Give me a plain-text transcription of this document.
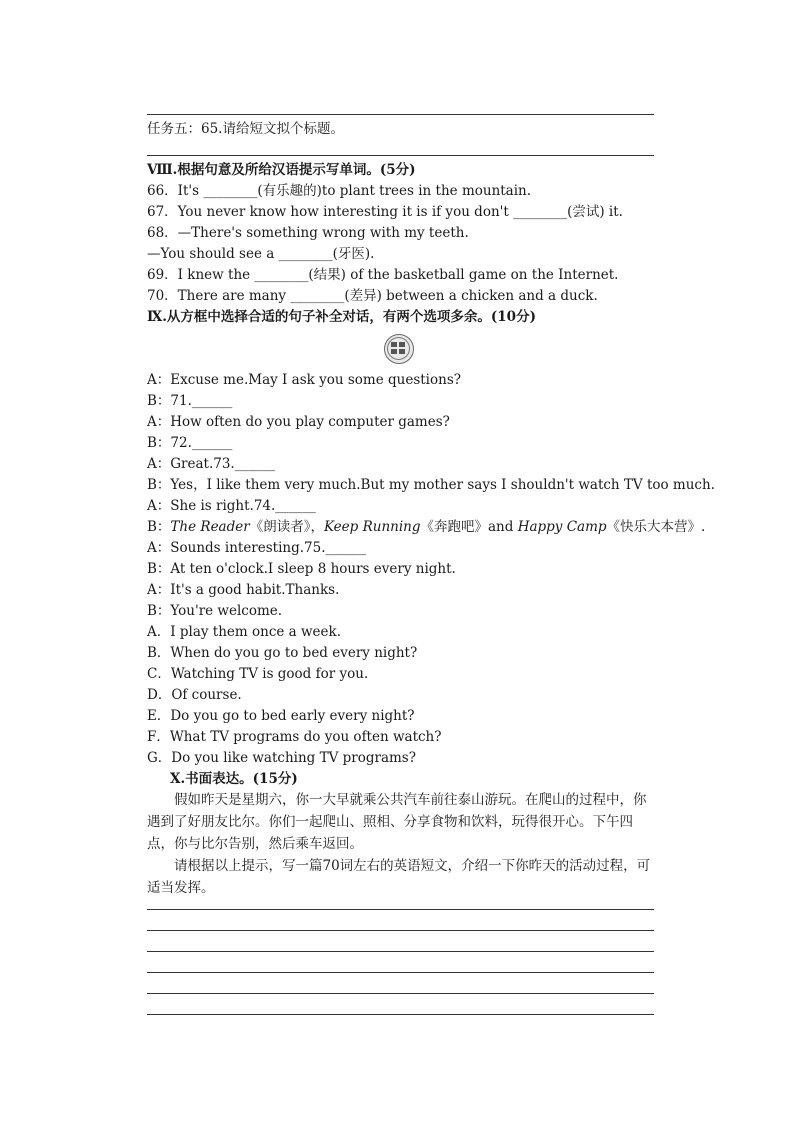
任务五：65.请给短文拟个标题。
Ⅷ.根据句意及所给汉语提示写单词。(5分)
66．It's ________(有乐趣的)to plant trees in the mountain.
67．You never know how interesting it is if you don't ________(尝试) it.
68．—There's something wrong with my teeth.
—You should see a ________(牙医).
69．I knew the ________(结果) of the basketball game on the Internet.
70．There are many ________(差异) between a chicken and a duck.
Ⅸ.从方框中选择合适的句子补全对话，有两个选项多余。(10分)
A：Excuse me.May I ask you some questions?
B：71.______
A：How often do you play computer games?
B：72.______
A：Great.73.______
B：Yes，I like them very much.But my mother says I shouldn't watch TV too much.
A：She is right.74.______
B：The Reader《朗读者》，Keep Running《奔跑吧》and Happy Camp《快乐大本营》.
A：Sounds interesting.75.______
B：At ten o'clock.I sleep 8 hours every night.
A：It's a good habit.Thanks.
B：You're welcome.
A．I play them once a week.
B．When do you go to bed every night?
C．Watching TV is good for you.
D．Of course.
E．Do you go to bed early every night?
F．What TV programs do you often watch?
G．Do you like watching TV programs?
Ⅹ.书面表达。(15分)

假如昨天是星期六，你一大早就乘公共汽车前往泰山游玩。在爬山的过程中，你遇到了好朋友比尔。你们一起爬山、照相、分享食物和饮料，玩得很开心。下午四点，你与比尔告别，然后乘车返回。

请根据以上提示，写一篇70词左右的英语短文，介绍一下你昨天的活动过程，可适当发挥。
